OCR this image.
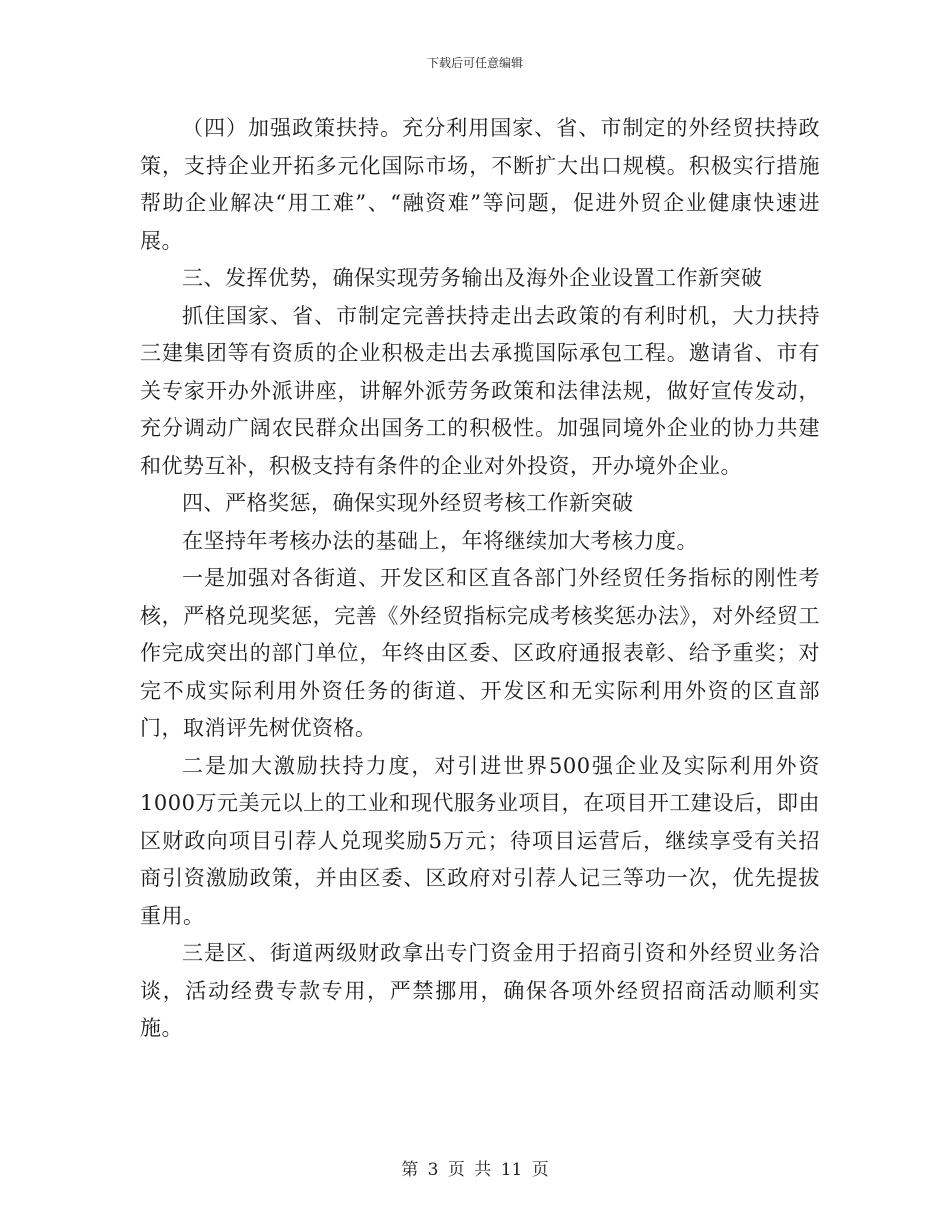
下载后可任意编辑

（四）加强政策扶持。充分利用国家、省、市制定的外经贸扶持政策，支持企业开拓多元化国际市场，不断扩大出口规模。积极实行措施帮助企业解决“用工难”、“融资难”等问题，促进外贸企业健康快速进展。

三、发挥优势，确保实现劳务输出及海外企业设置工作新突破

抓住国家、省、市制定完善扶持走出去政策的有利时机，大力扶持三建集团等有资质的企业积极走出去承揽国际承包工程。邀请省、市有关专家开办外派讲座，讲解外派劳务政策和法律法规，做好宣传发动，充分调动广阔农民群众出国务工的积极性。加强同境外企业的协力共建和优势互补，积极支持有条件的企业对外投资，开办境外企业。

四、严格奖惩，确保实现外经贸考核工作新突破

在坚持年考核办法的基础上，年将继续加大考核力度。

一是加强对各街道、开发区和区直各部门外经贸任务指标的刚性考核，严格兑现奖惩，完善《外经贸指标完成考核奖惩办法》，对外经贸工作完成突出的部门单位，年终由区委、区政府通报表彰、给予重奖；对完不成实际利用外资任务的街道、开发区和无实际利用外资的区直部门，取消评先树优资格。

二是加大激励扶持力度，对引进世界500强企业及实际利用外资1000万元美元以上的工业和现代服务业项目，在项目开工建设后，即由区财政向项目引荐人兑现奖励5万元；待项目运营后，继续享受有关招商引资激励政策，并由区委、区政府对引荐人记三等功一次，优先提拔重用。

三是区、街道两级财政拿出专门资金用于招商引资和外经贸业务洽谈，活动经费专款专用，严禁挪用，确保各项外经贸招商活动顺利实施。

第 3 页 共 11 页
